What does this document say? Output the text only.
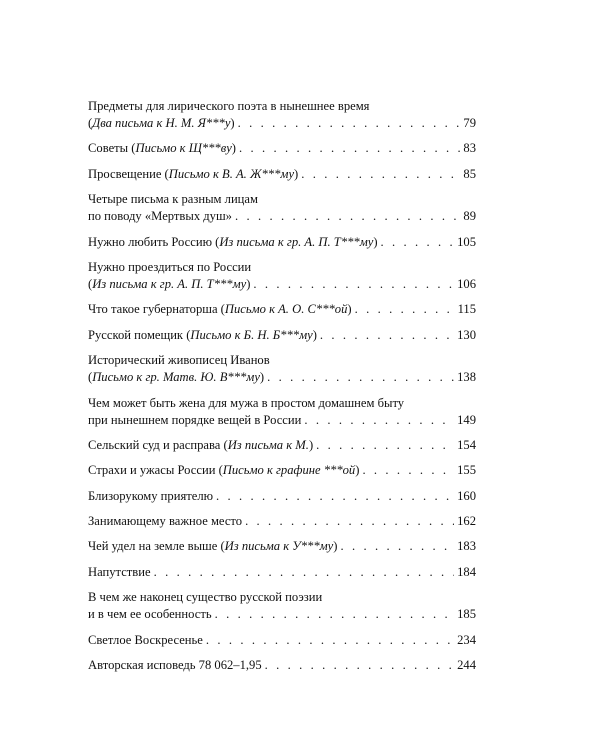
Предметы для лирического поэта в нынешнее время
(Два письма к Н. М. Я***у) . . .	79
Советы (Письмо к Щ***ву) . . .	83
Просвещение (Письмо к В. А. Ж***му) . . .	85
Четыре письма к разным лицам
по поводу «Мертвых душ» . . .	89
Нужно любить Россию (Из письма к гр. А. П. Т***му) . . .	105
Нужно проездиться по России
(Из письма к гр. А. П. Т***му) . . .	106
Что такое губернаторша (Письмо к А. О. С***ой) . . .	115
Русской помещик (Письмо к Б. Н. Б***му) . . .	130
Исторический живописец Иванов
(Письмо к гр. Матв. Ю. В***му) . . .	138
Чем может быть жена для мужа в простом домашнем быту
при нынешнем порядке вещей в России . . .	149
Сельский суд и расправа (Из письма к М.) . . .	154
Страхи и ужасы России (Письмо к графине ***ой) . . .	155
Близорукому приятелю . . .	160
Занимающему важное место . . .	162
Чей удел на земле выше (Из письма к У***му) . . .	183
Напутствие . . .	184
В чем же наконец существо русской поэзии
и в чем ее особенность . . .	185
Светлое Воскресенье . . .	234
Авторская исповедь 78 062–1,95 . . .	244
